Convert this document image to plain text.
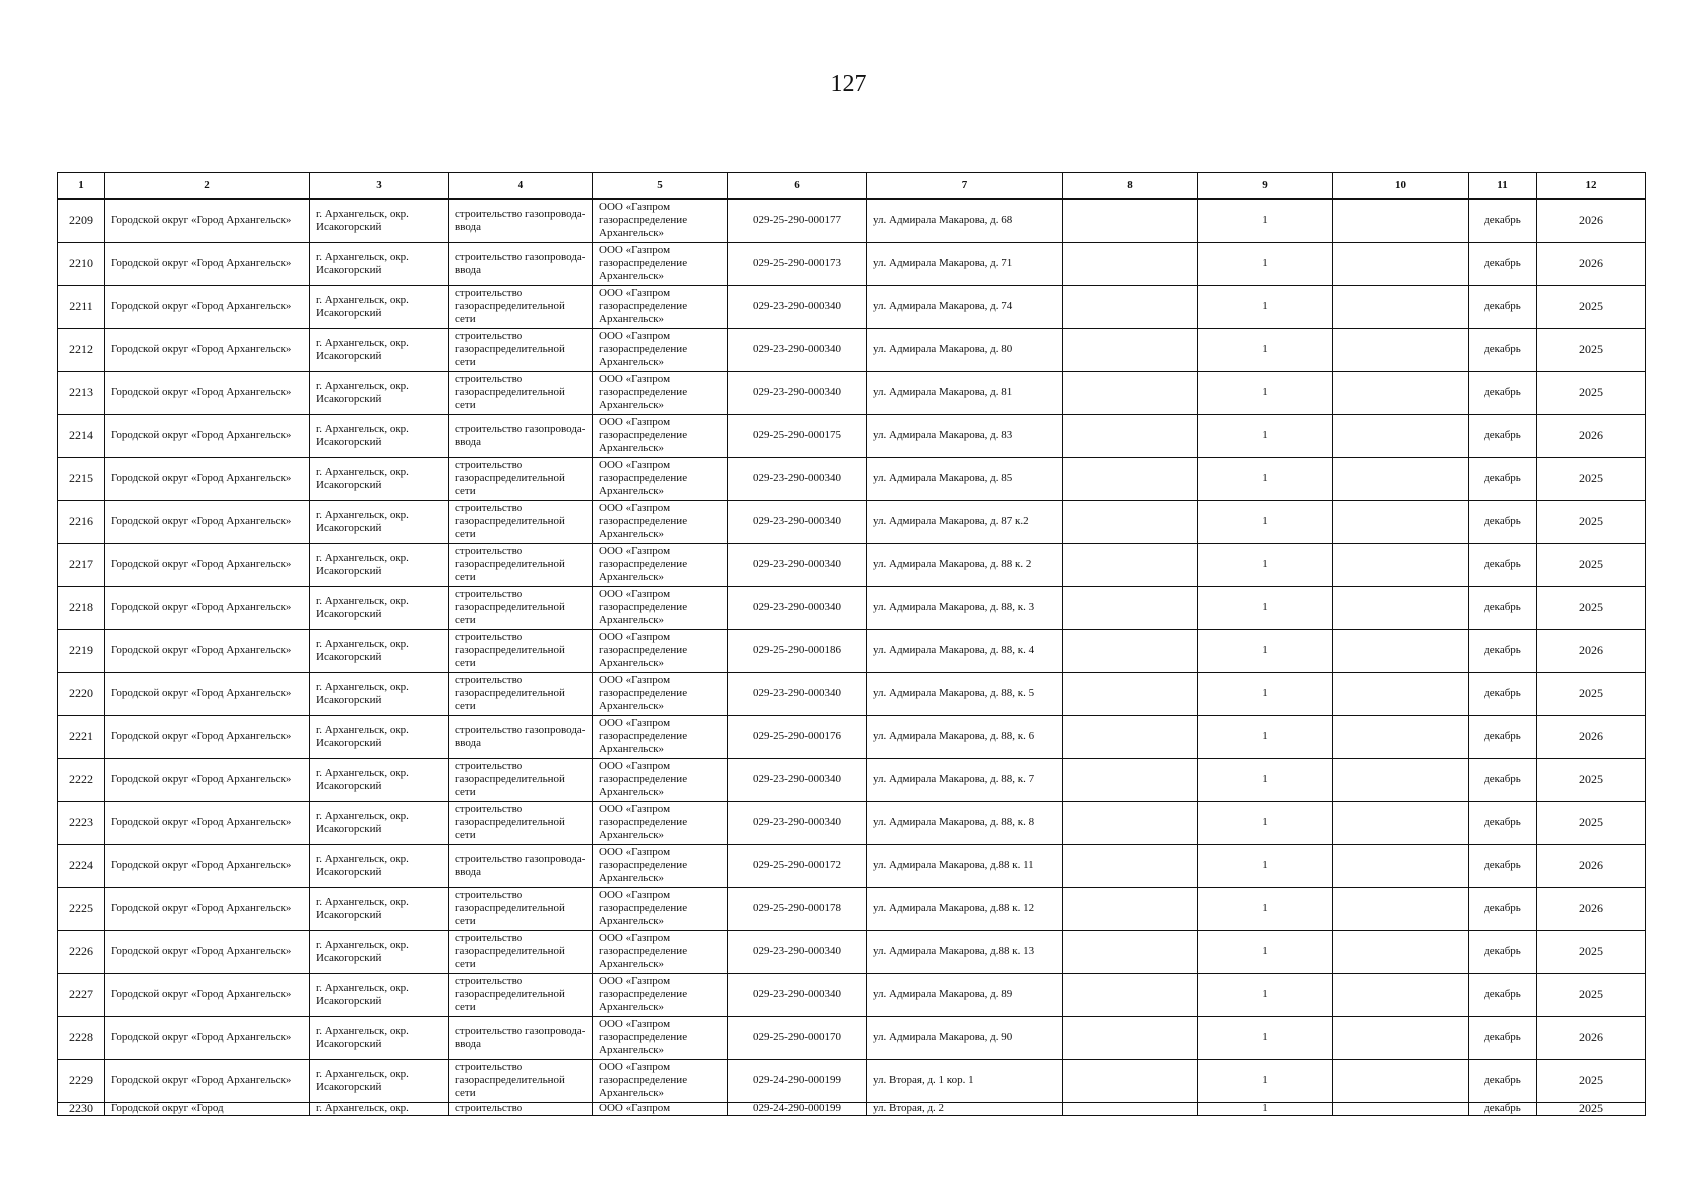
127
1	2	3	4	5	6	7	8	9	10	11	12
2209	Городской округ «Город Архангельск»	г. Архангельск, окр. Исакогорский	строительство газопровода-ввода	ООО «Газпром газораспределение Архангельск»	029-25-290-000177	ул. Адмирала Макарова, д. 68		1		декабрь	2026
2210	Городской округ «Город Архангельск»	г. Архангельск, окр. Исакогорский	строительство газопровода-ввода	ООО «Газпром газораспределение Архангельск»	029-25-290-000173	ул. Адмирала Макарова, д. 71		1		декабрь	2026
2211	Городской округ «Город Архангельск»	г. Архангельск, окр. Исакогорский	строительство газораспределительной сети	ООО «Газпром газораспределение Архангельск»	029-23-290-000340	ул. Адмирала Макарова, д. 74		1		декабрь	2025
2212	Городской округ «Город Архангельск»	г. Архангельск, окр. Исакогорский	строительство газораспределительной сети	ООО «Газпром газораспределение Архангельск»	029-23-290-000340	ул. Адмирала Макарова, д. 80		1		декабрь	2025
2213	Городской округ «Город Архангельск»	г. Архангельск, окр. Исакогорский	строительство газораспределительной сети	ООО «Газпром газораспределение Архангельск»	029-23-290-000340	ул. Адмирала Макарова, д. 81		1		декабрь	2025
2214	Городской округ «Город Архангельск»	г. Архангельск, окр. Исакогорский	строительство газопровода-ввода	ООО «Газпром газораспределение Архангельск»	029-25-290-000175	ул. Адмирала Макарова, д. 83		1		декабрь	2026
2215	Городской округ «Город Архангельск»	г. Архангельск, окр. Исакогорский	строительство газораспределительной сети	ООО «Газпром газораспределение Архангельск»	029-23-290-000340	ул. Адмирала Макарова, д. 85		1		декабрь	2025
2216	Городской округ «Город Архангельск»	г. Архангельск, окр. Исакогорский	строительство газораспределительной сети	ООО «Газпром газораспределение Архангельск»	029-23-290-000340	ул. Адмирала Макарова, д. 87 к.2		1		декабрь	2025
2217	Городской округ «Город Архангельск»	г. Архангельск, окр. Исакогорский	строительство газораспределительной сети	ООО «Газпром газораспределение Архангельск»	029-23-290-000340	ул. Адмирала Макарова, д. 88 к. 2		1		декабрь	2025
2218	Городской округ «Город Архангельск»	г. Архангельск, окр. Исакогорский	строительство газораспределительной сети	ООО «Газпром газораспределение Архангельск»	029-23-290-000340	ул. Адмирала Макарова, д. 88, к. 3		1		декабрь	2025
2219	Городской округ «Город Архангельск»	г. Архангельск, окр. Исакогорский	строительство газораспределительной сети	ООО «Газпром газораспределение Архангельск»	029-25-290-000186	ул. Адмирала Макарова, д. 88, к. 4		1		декабрь	2026
2220	Городской округ «Город Архангельск»	г. Архангельск, окр. Исакогорский	строительство газораспределительной сети	ООО «Газпром газораспределение Архангельск»	029-23-290-000340	ул. Адмирала Макарова, д. 88, к. 5		1		декабрь	2025
2221	Городской округ «Город Архангельск»	г. Архангельск, окр. Исакогорский	строительство газопровода-ввода	ООО «Газпром газораспределение Архангельск»	029-25-290-000176	ул. Адмирала Макарова, д. 88, к. 6		1		декабрь	2026
2222	Городской округ «Город Архангельск»	г. Архангельск, окр. Исакогорский	строительство газораспределительной сети	ООО «Газпром газораспределение Архангельск»	029-23-290-000340	ул. Адмирала Макарова, д. 88, к. 7		1		декабрь	2025
2223	Городской округ «Город Архангельск»	г. Архангельск, окр. Исакогорский	строительство газораспределительной сети	ООО «Газпром газораспределение Архангельск»	029-23-290-000340	ул. Адмирала Макарова, д. 88, к. 8		1		декабрь	2025
2224	Городской округ «Город Архангельск»	г. Архангельск, окр. Исакогорский	строительство газопровода-ввода	ООО «Газпром газораспределение Архангельск»	029-25-290-000172	ул. Адмирала Макарова, д.88 к. 11		1		декабрь	2026
2225	Городской округ «Город Архангельск»	г. Архангельск, окр. Исакогорский	строительство газораспределительной сети	ООО «Газпром газораспределение Архангельск»	029-25-290-000178	ул. Адмирала Макарова, д.88 к. 12		1		декабрь	2026
2226	Городской округ «Город Архангельск»	г. Архангельск, окр. Исакогорский	строительство газораспределительной сети	ООО «Газпром газораспределение Архангельск»	029-23-290-000340	ул. Адмирала Макарова, д.88 к. 13		1		декабрь	2025
2227	Городской округ «Город Архангельск»	г. Архангельск, окр. Исакогорский	строительство газораспределительной сети	ООО «Газпром газораспределение Архангельск»	029-23-290-000340	ул. Адмирала Макарова, д. 89		1		декабрь	2025
2228	Городской округ «Город Архангельск»	г. Архангельск, окр. Исакогорский	строительство газопровода-ввода	ООО «Газпром газораспределение Архангельск»	029-25-290-000170	ул. Адмирала Макарова, д. 90		1		декабрь	2026
2229	Городской округ «Город Архангельск»	г. Архангельск, окр. Исакогорский	строительство газораспределительной сети	ООО «Газпром газораспределение Архангельск»	029-24-290-000199	ул. Вторая, д. 1 кор. 1		1		декабрь	2025
2230	Городской округ «Город	г. Архангельск, окр.	строительство	ООО «Газпром	029-24-290-000199	ул. Вторая, д. 2		1		декабрь	2025
